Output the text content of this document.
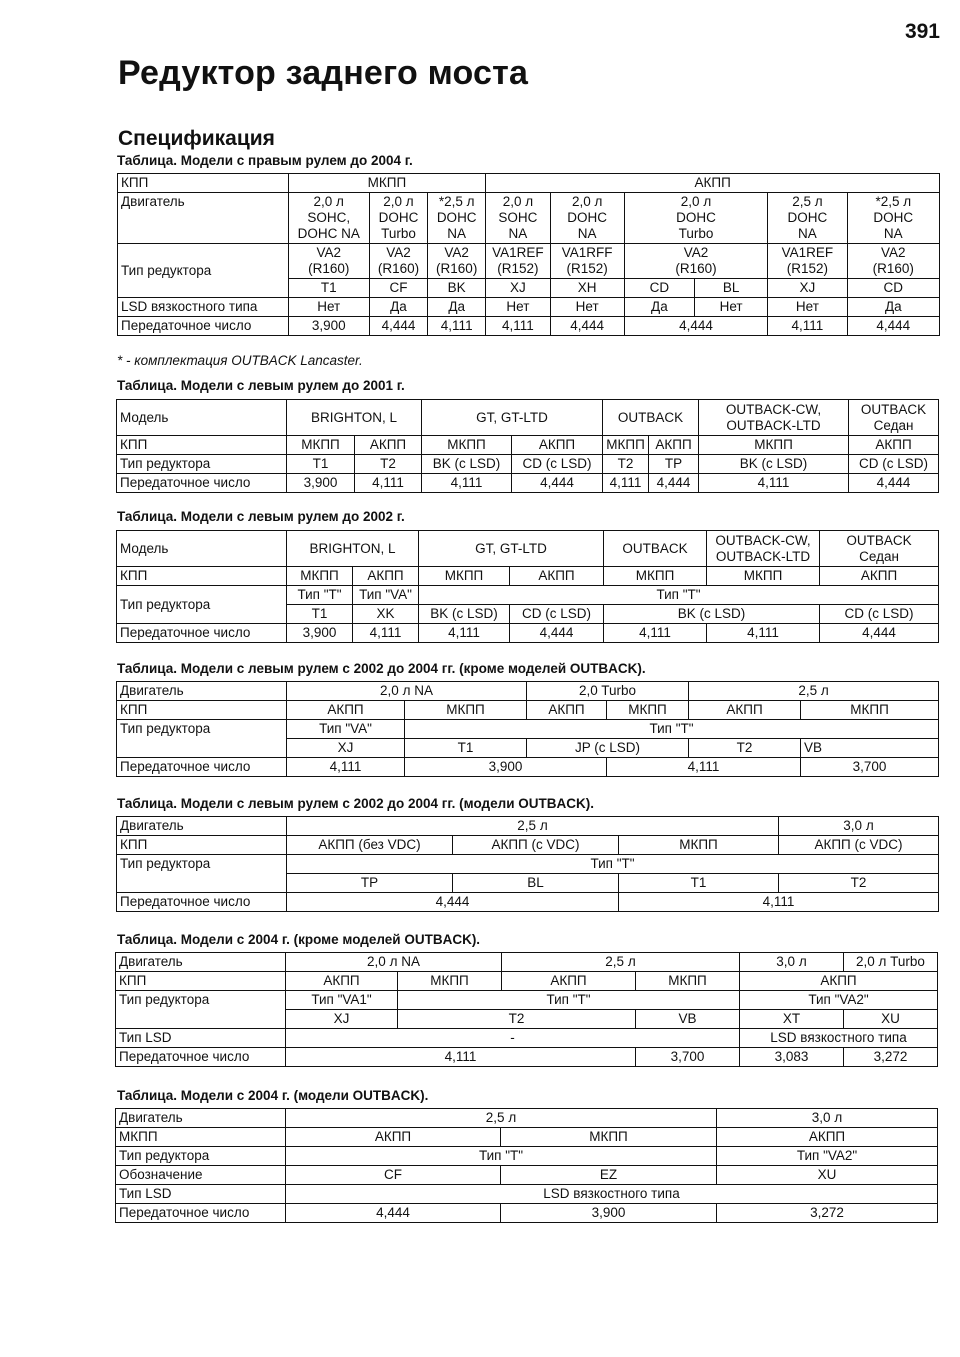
391
Редуктор заднего моста
Спецификация

Таблица. Модели с правым рулем до 2004 г.

КПП	МКПП			АКПП					
Двигатель	2,0 л
SOHC,
DOHC NA	2,0 л
DOHC
Turbo	*2,5 л
DOHC
NA	2,0 л
SOHC
NA	2,0 л
DOHC
NA	2,0 л
DOHC
Turbo		2,5 л
DOHC
NA	*2,5 л
DOHC
NA
Тип редуктора	VA2
(R160)	VA2
(R160)	VA2
(R160)	VA1REF
(R152)	VA1RFF
(R152)	VA2
(R160)		VA1REF
(R152)	VA2
(R160)
	T1	CF	BK	XJ	XH	CD	BL	XJ	CD
LSD вязкостного типа	Нет	Да	Да	Нет	Нет	Да	Нет	Нет	Да
Передаточное число	3,900	4,444	4,111	4,111	4,444	4,444		4,111	4,444

* - комплектация OUTBACK Lancaster.

Таблица. Модели с левым рулем до 2001 г.

Модель	BRIGHTON, L		GT, GT-LTD		OUTBACK		OUTBACK-CW,
OUTBACK-LTD	OUTBACK
Седан
КПП	МКПП	АКПП	МКПП	АКПП	МКПП	АКПП	МКПП	АКПП
Тип редуктора	T1	T2	BK (c LSD)	CD (c LSD)	T2	TP	BK (c LSD)	CD (c LSD)
Передаточное число	3,900	4,111	4,111	4,444	4,111	4,444	4,111	4,444

Таблица. Модели с левым рулем до 2002 г.

Модель	BRIGHTON, L		GT, GT-LTD		OUTBACK	OUTBACK-CW,
OUTBACK-LTD	OUTBACK
Седан
КПП	МКПП	АКПП	МКПП	АКПП	МКПП	МКПП	АКПП
Тип редуктора	Тип "T"	Тип "VA"	Тип "T"				
	T1	XK	BK (c LSD)	CD (c LSD)	BK (c LSD)		CD (c LSD)
Передаточное число	3,900	4,111	4,111	4,444	4,111	4,111	4,444

Таблица. Модели с левым рулем с 2002 до 2004 гг. (кроме моделей OUTBACK).

Двигатель	2,0 л NA		2,0 Turbo		2,5 л	
КПП	АКПП	МКПП	АКПП	МКПП	АКПП	МКПП
Тип редуктора	Тип "VA"	Тип "T"				
	XJ	T1	JP (c LSD)		T2	VB
Передаточное число	4,111	3,900		4,111		3,700

Таблица. Модели с левым рулем с 2002 до 2004 гг. (модели OUTBACK).

Двигатель	2,5 л			3,0 л
КПП	АКПП (без VDC)	АКПП (с VDC)	МКПП	АКПП (с VDC)
Тип редуктора	Тип "T"			
	TP	BL	T1	T2
Передаточное число	4,444		4,111	

Таблица. Модели с 2004 г. (кроме моделей OUTBACK).

Двигатель	2,0 л NA		2,5 л		3,0 л	2,0 л Turbo
КПП	АКПП	МКПП	АКПП	МКПП	АКПП	
Тип редуктора	Тип "VA1"	Тип "T"			Тип "VA2"	
	XJ	T2		VB	XT	XU
Тип LSD	-				LSD вязкостного типа	
Передаточное число	4,111			3,700	3,083	3,272

Таблица. Модели с 2004 г. (модели OUTBACK).

Двигатель	2,5 л		3,0 л
МКПП	АКПП	МКПП	АКПП
Тип редуктора	Тип "T"		Тип "VA2"
Обозначение	CF	EZ	XU
Тип LSD	LSD вязкостного типа		
Передаточное число	4,444	3,900	3,272
